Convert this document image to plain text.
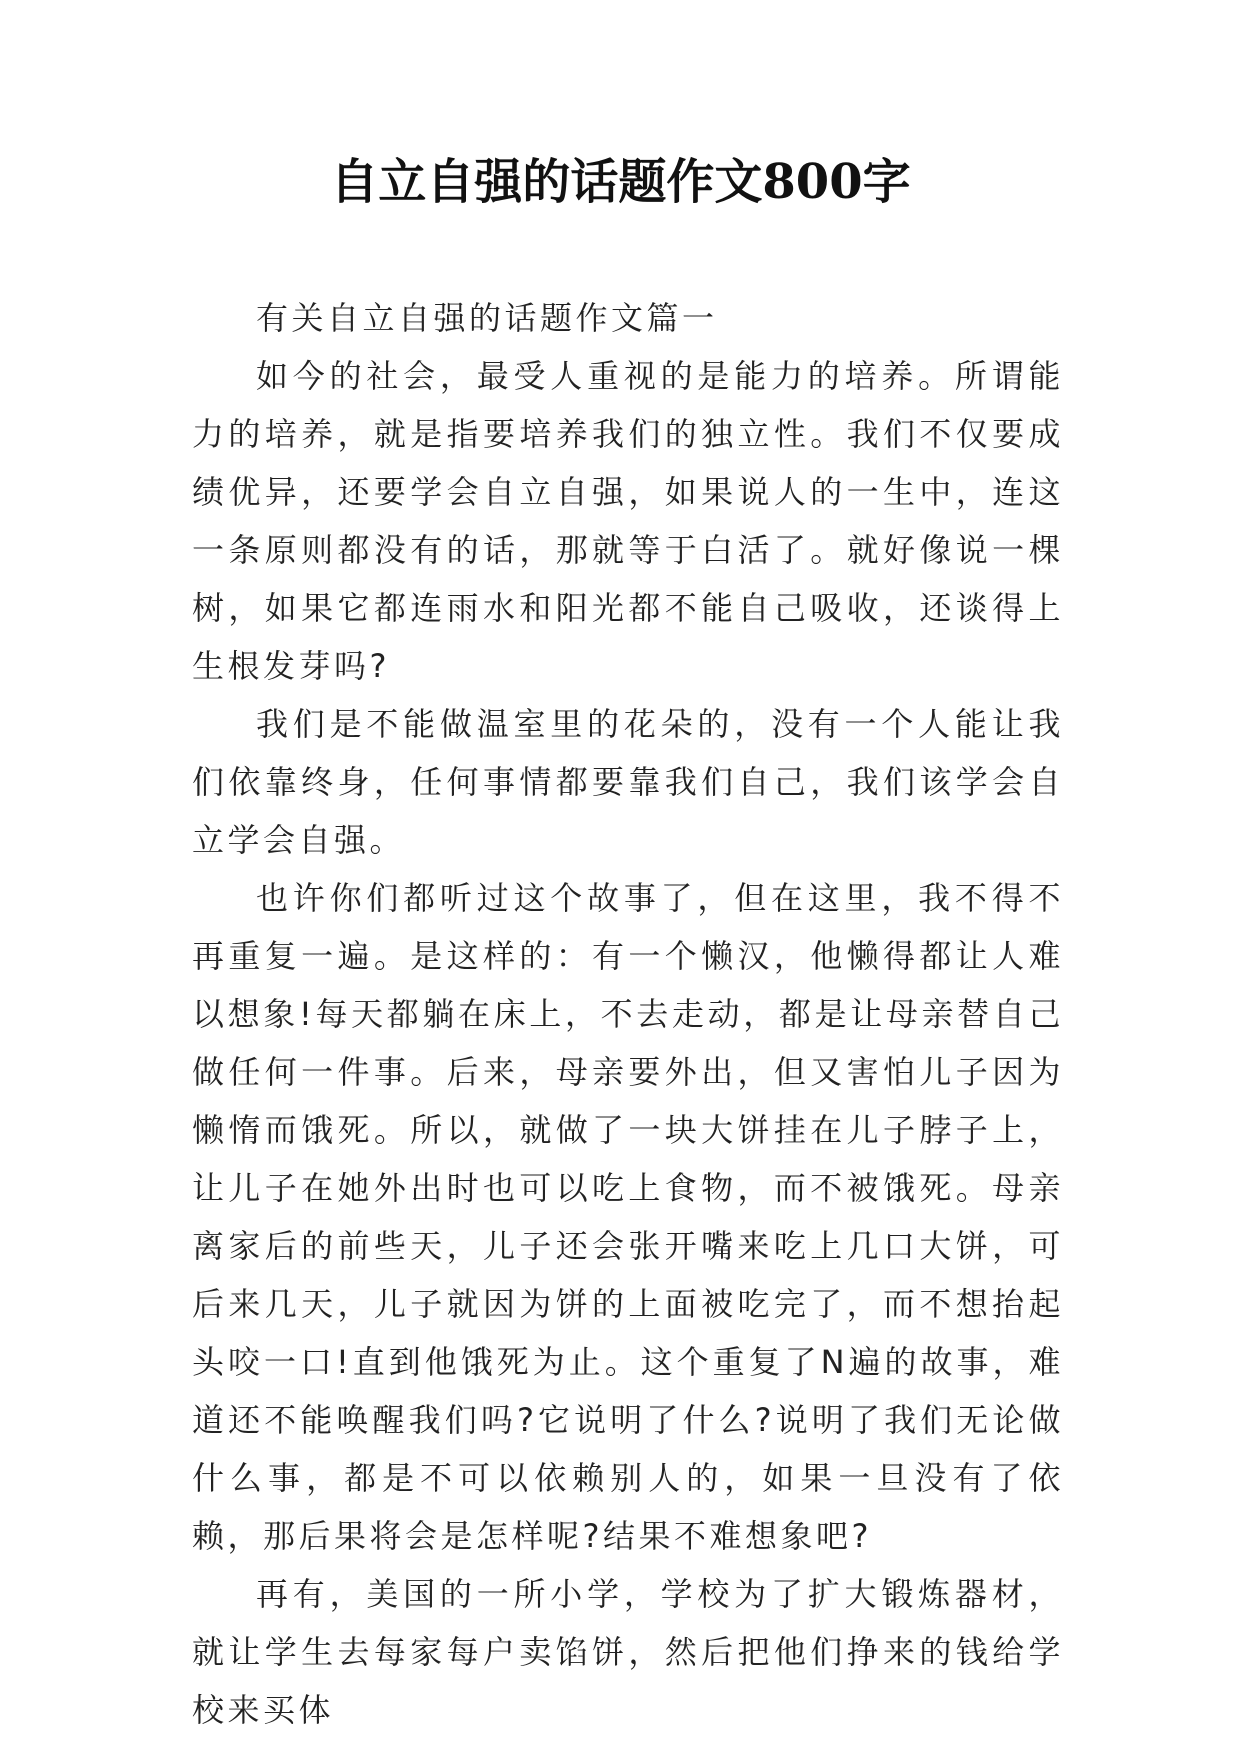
自立自强的话题作文800字

有关自立自强的话题作文篇一

如今的社会，最受人重视的是能力的培养。所谓能力的培养，就是指要培养我们的独立性。我们不仅要成绩优异，还要学会自立自强，如果说人的一生中，连这一条原则都没有的话，那就等于白活了。就好像说一棵树，如果它都连雨水和阳光都不能自己吸收，还谈得上生根发芽吗?

我们是不能做温室里的花朵的，没有一个人能让我们依靠终身，任何事情都要靠我们自己，我们该学会自立学会自强。

也许你们都听过这个故事了，但在这里，我不得不再重复一遍。是这样的：有一个懒汉，他懒得都让人难以想象!每天都躺在床上，不去走动，都是让母亲替自己做任何一件事。后来，母亲要外出，但又害怕儿子因为懒惰而饿死。所以，就做了一块大饼挂在儿子脖子上，让儿子在她外出时也可以吃上食物，而不被饿死。母亲离家后的前些天，儿子还会张开嘴来吃上几口大饼，可后来几天，儿子就因为饼的上面被吃完了，而不想抬起头咬一口!直到他饿死为止。这个重复了N遍的故事，难道还不能唤醒我们吗?它说明了什么?说明了我们无论做什么事，都是不可以依赖别人的，如果一旦没有了依赖，那后果将会是怎样呢?结果不难想象吧?

再有，美国的一所小学，学校为了扩大锻炼器材，就让学生去每家每户卖馅饼，然后把他们挣来的钱给学校来买体
